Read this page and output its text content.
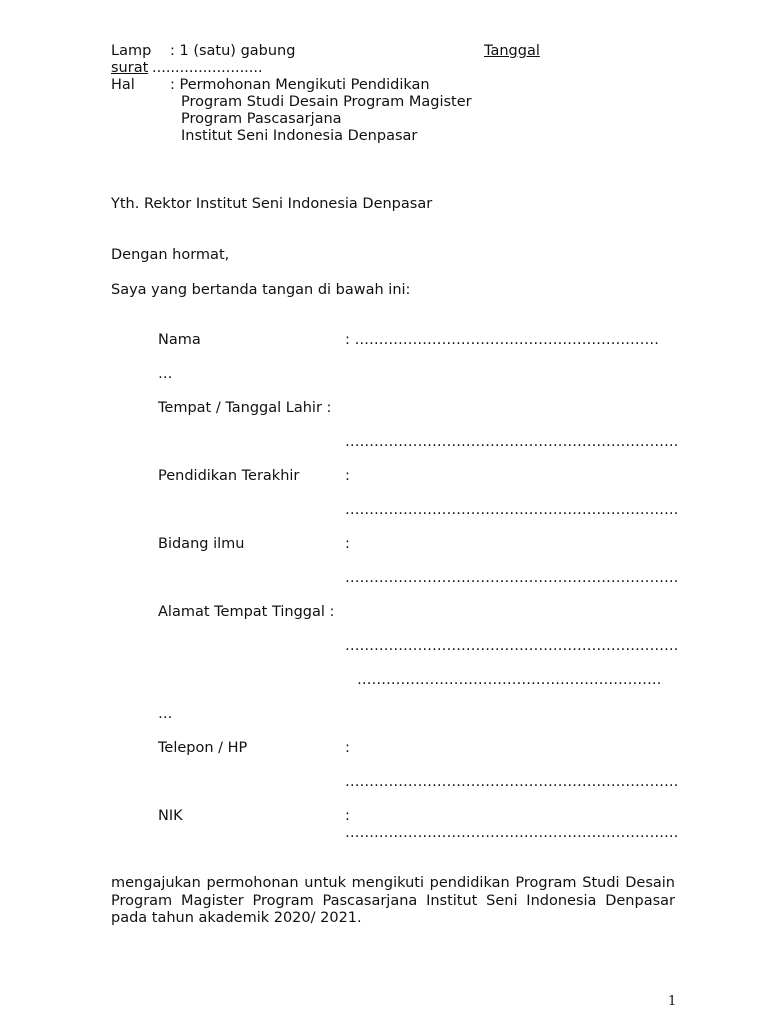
Lamp : 1 (satu) gabung	Tanggal
surat ........................
Hal : Permohonan Mengikuti Pendidikan
Program Studi Desain Program Magister
Program Pascasarjana
Institut Seni Indonesia Denpasar
Yth. Rektor Institut Seni Indonesia Denpasar
Dengan hormat,
Saya yang bertanda tangan di bawah ini:
Nama	: ………………………………………………………
…
Tempat / Tanggal Lahir :
……………………………………………………………
Pendidikan Terakhir	:
……………………………………………………………
Bidang ilmu	:
……………………………………………………………
Alamat Tempat Tinggal :
……………………………………………………………
………………………………………………………
…
Telepon / HP	:
……………………………………………………………
NIK	:
……………………………………………………………
mengajukan permohonan untuk mengikuti pendidikan Program Studi Desain Program Magister Program Pascasarjana Institut Seni Indonesia Denpasar pada tahun akademik 2020/ 2021.
1
